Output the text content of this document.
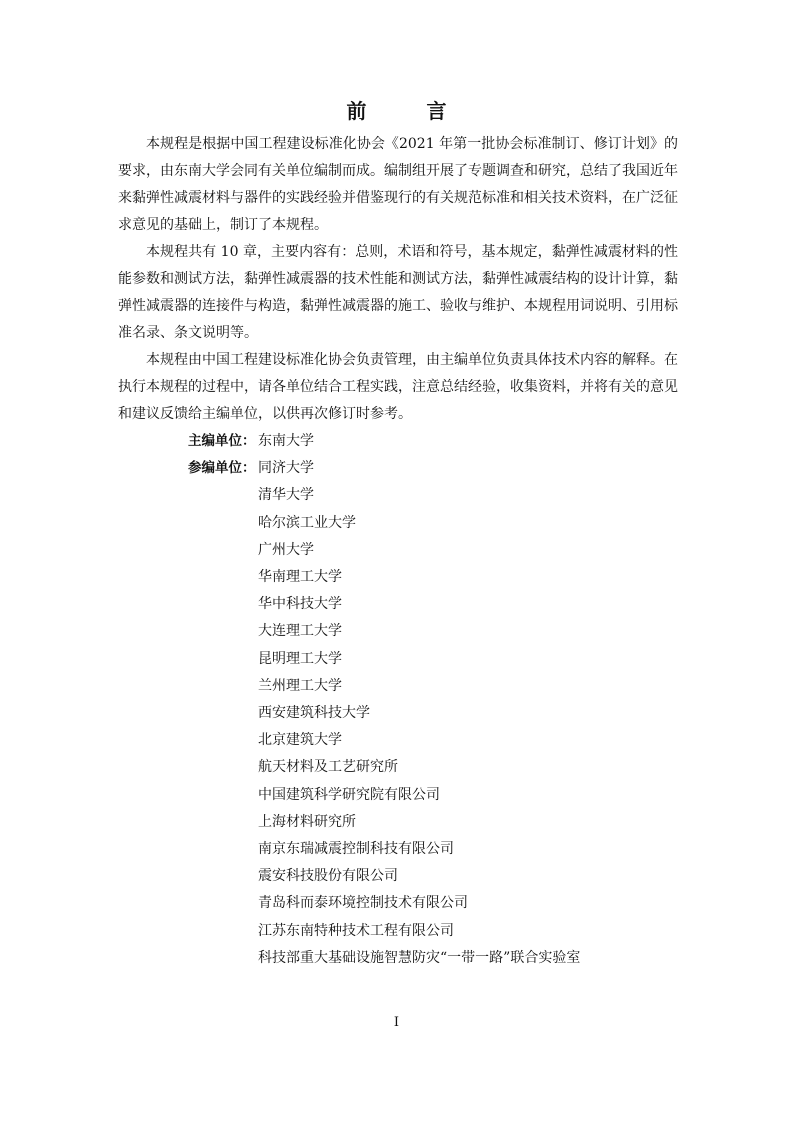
前　言

本规程是根据中国工程建设标准化协会《2021 年第一批协会标准制订、修订计划》的要求，由东南大学会同有关单位编制而成。编制组开展了专题调查和研究，总结了我国近年来黏弹性减震材料与器件的实践经验并借鉴现行的有关规范标准和相关技术资料，在广泛征求意见的基础上，制订了本规程。

本规程共有 10 章，主要内容有：总则，术语和符号，基本规定，黏弹性减震材料的性能参数和测试方法，黏弹性减震器的技术性能和测试方法，黏弹性减震结构的设计计算，黏弹性减震器的连接件与构造，黏弹性减震器的施工、验收与维护、本规程用词说明、引用标准名录、条文说明等。

本规程由中国工程建设标准化协会负责管理，由主编单位负责具体技术内容的解释。在执行本规程的过程中，请各单位结合工程实践，注意总结经验，收集资料，并将有关的意见和建议反馈给主编单位，以供再次修订时参考。

主编单位： 东南大学
参编单位： 同济大学
清华大学
哈尔滨工业大学
广州大学
华南理工大学
华中科技大学
大连理工大学
昆明理工大学
兰州理工大学
西安建筑科技大学
北京建筑大学
航天材料及工艺研究所
中国建筑科学研究院有限公司
上海材料研究所
南京东瑞减震控制科技有限公司
震安科技股份有限公司
青岛科而泰环境控制技术有限公司
江苏东南特种技术工程有限公司
科技部重大基础设施智慧防灾“一带一路”联合实验室
I
